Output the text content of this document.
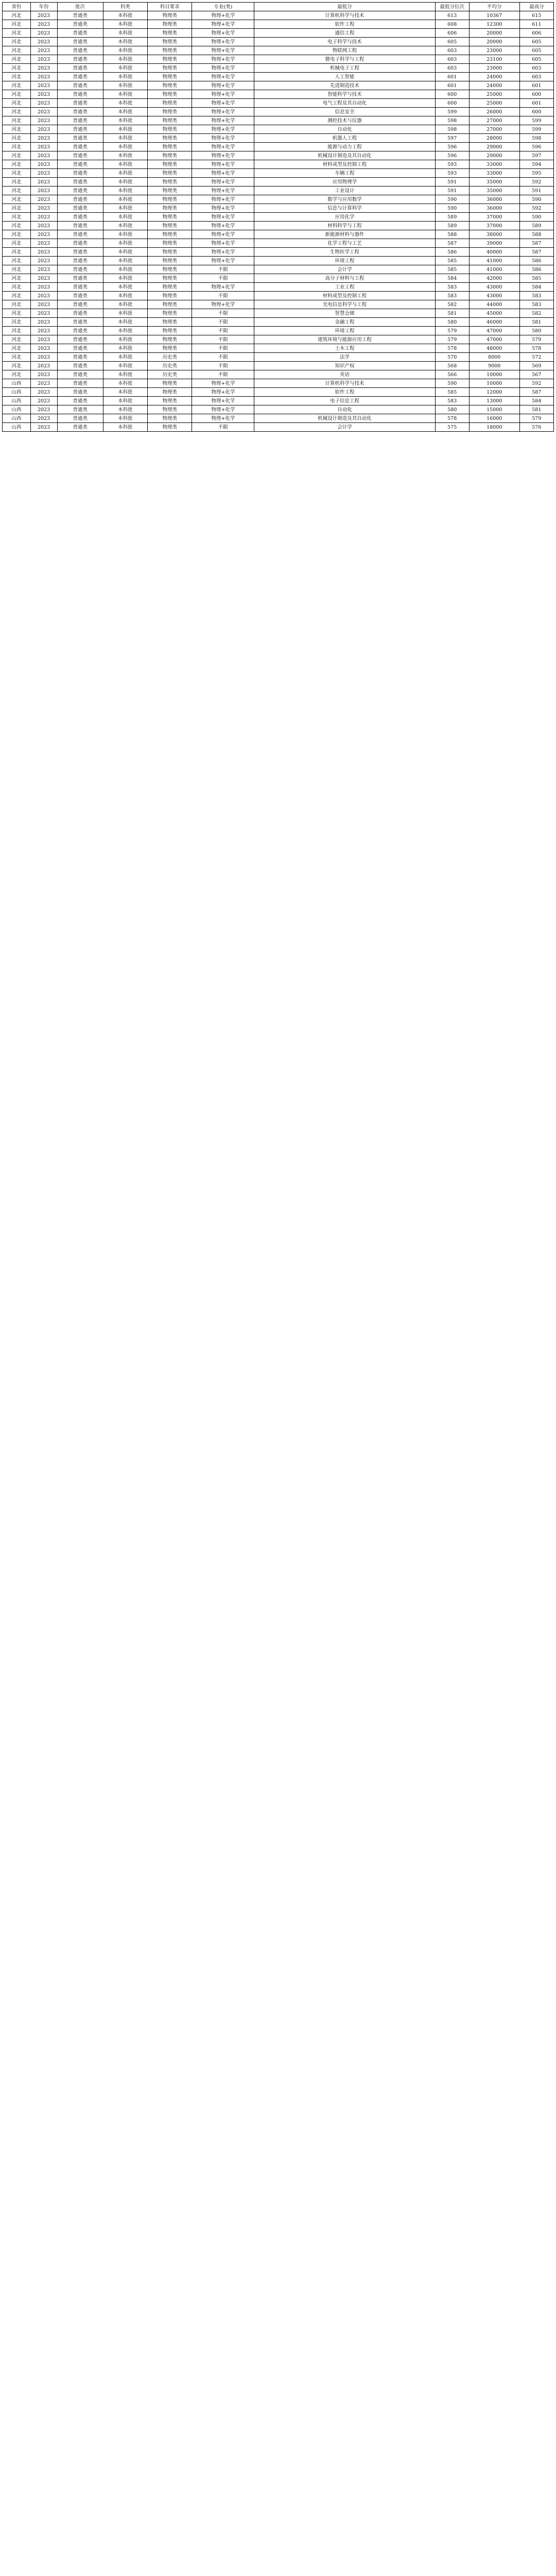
省份	年份	批次	科类	科目要求	专业(类)	最低分	最低分位次	平均分	最高分
河北	2023	普通类	本科批	物理类	物理+化学	计算机科学与技术	613	10367	615
河北	2023	普通类	本科批	物理类	物理+化学	软件工程	608	12300	611
河北	2023	普通类	本科批	物理类	物理+化学	通信工程	606	20000	606
河北	2023	普通类	本科批	物理类	物理+化学	电子科学与技术	605	20000	605
河北	2023	普通类	本科批	物理类	物理+化学	物联网工程	603	23000	605
河北	2023	普通类	本科批	物理类	物理+化学	微电子科学与工程	603	23100	605
河北	2023	普通类	本科批	物理类	物理+化学	机械电子工程	603	23000	603
河北	2023	普通类	本科批	物理类	物理+化学	人工智能	601	24000	603
河北	2023	普通类	本科批	物理类	物理+化学	先进制造技术	601	24000	601
河北	2023	普通类	本科批	物理类	物理+化学	智能科学与技术	600	25000	600
河北	2023	普通类	本科批	物理类	物理+化学	电气工程及其自动化	600	25000	601
河北	2023	普通类	本科批	物理类	物理+化学	信息安全	599	26000	600
河北	2023	普通类	本科批	物理类	物理+化学	测控技术与仪器	598	27000	599
河北	2023	普通类	本科批	物理类	物理+化学	自动化	598	27000	599
河北	2023	普通类	本科批	物理类	物理+化学	机器人工程	597	28000	598
河北	2023	普通类	本科批	物理类	物理+化学	能源与动力工程	596	29000	596
河北	2023	普通类	本科批	物理类	物理+化学	机械设计制造及其自动化	596	29000	597
河北	2023	普通类	本科批	物理类	物理+化学	材料成型及控制工程	593	33000	594
河北	2023	普通类	本科批	物理类	物理+化学	车辆工程	593	33000	595
河北	2023	普通类	本科批	物理类	物理+化学	应用物理学	591	35000	592
河北	2023	普通类	本科批	物理类	物理+化学	工业设计	591	35000	591
河北	2023	普通类	本科批	物理类	物理+化学	数学与应用数学	590	36000	590
河北	2023	普通类	本科批	物理类	物理+化学	信息与计算科学	590	36000	592
河北	2023	普通类	本科批	物理类	物理+化学	应用化学	589	37000	590
河北	2023	普通类	本科批	物理类	物理+化学	材料科学与工程	589	37000	589
河北	2023	普通类	本科批	物理类	物理+化学	新能源材料与器件	588	38000	588
河北	2023	普通类	本科批	物理类	物理+化学	化学工程与工艺	587	39000	587
河北	2023	普通类	本科批	物理类	物理+化学	生物医学工程	586	40000	587
河北	2023	普通类	本科批	物理类	物理+化学	环境工程	585	41000	586
河北	2023	普通类	本科批	物理类	不限	会计学	585	41000	586
河北	2023	普通类	本科批	物理类	不限	高分子材料与工程	584	42000	585
河北	2023	普通类	本科批	物理类	物理+化学	工业工程	583	43000	584
河北	2023	普通类	本科批	物理类	不限	材料成型及控制工程	583	43000	583
河北	2023	普通类	本科批	物理类	物理+化学	光电信息科学与工程	582	44000	583
河北	2023	普通类	本科批	物理类	不限	智慧仓储	581	45000	582
河北	2023	普通类	本科批	物理类	不限	金融工程	580	46000	581
河北	2023	普通类	本科批	物理类	不限	环境工程	579	47000	580
河北	2023	普通类	本科批	物理类	不限	建筑环境与能源应用工程	579	47000	579
河北	2023	普通类	本科批	物理类	不限	土木工程	578	48000	578
河北	2023	普通类	本科批	历史类	不限	法学	570	8000	572
河北	2023	普通类	本科批	历史类	不限	知识产权	568	9000	569
河北	2023	普通类	本科批	历史类	不限	英语	566	10000	567
山西	2023	普通类	本科批	物理类	物理+化学	计算机科学与技术	590	10000	592
山西	2023	普通类	本科批	物理类	物理+化学	软件工程	585	12000	587
山西	2023	普通类	本科批	物理类	物理+化学	电子信息工程	583	13000	584
山西	2023	普通类	本科批	物理类	物理+化学	自动化	580	15000	581
山西	2023	普通类	本科批	物理类	物理+化学	机械设计制造及其自动化	578	16000	579
山西	2023	普通类	本科批	物理类	不限	会计学	575	18000	576
